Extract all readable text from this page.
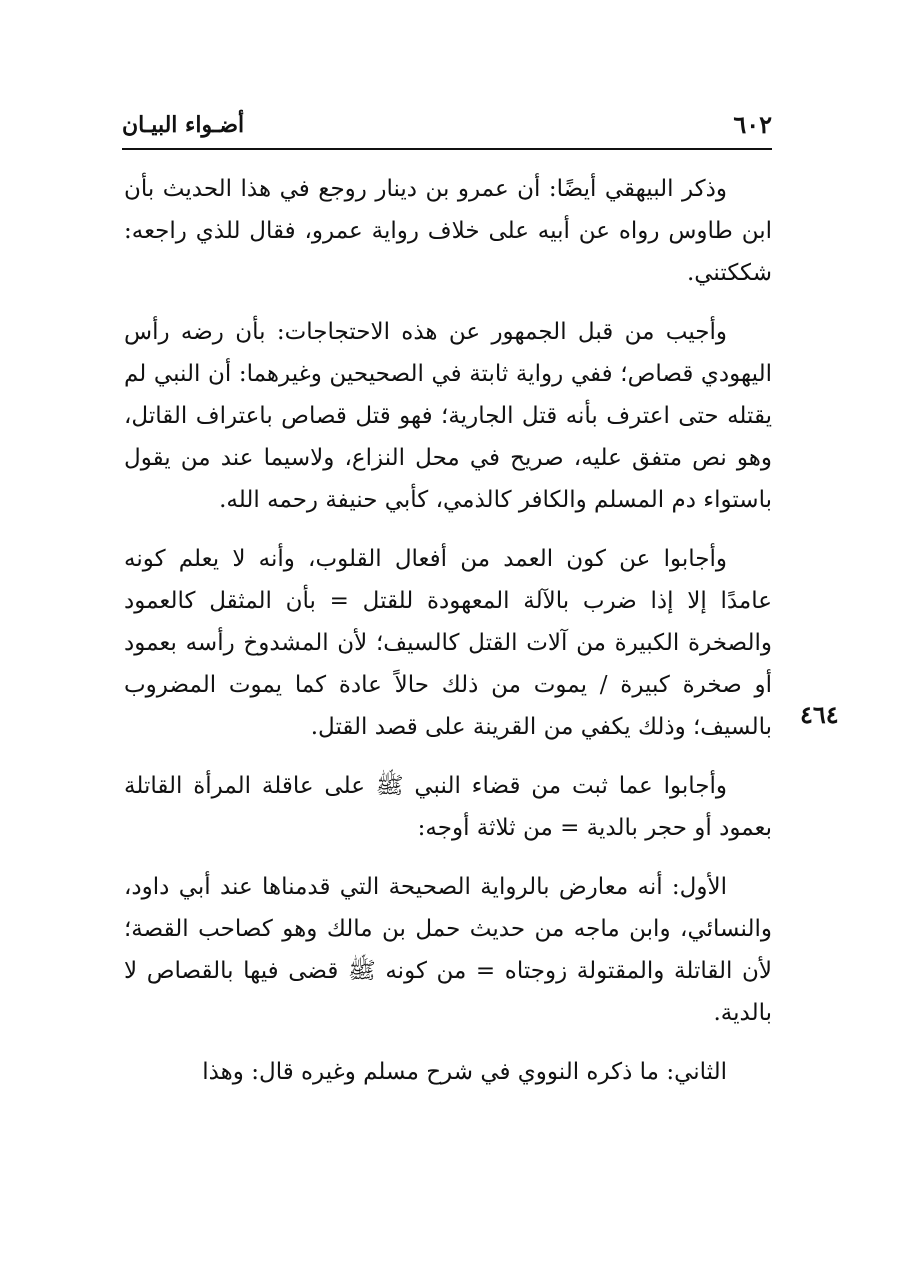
٦٠٢
أضـواء البيـان
٤٦٤

وذكر البيهقي أيضًا: أن عمرو بن دينار روجع في هذا الحديث بأن ابن طاوس رواه عن أبيه على خلاف رواية عمرو، فقال للذي راجعه: شككتني.

وأجيب من قبل الجمهور عن هذه الاحتجاجات: بأن رضه رأس اليهودي قصاص؛ ففي رواية ثابتة في الصحيحين وغيرهما: أن النبي لم يقتله حتى اعترف بأنه قتل الجارية؛ فهو قتل قصاص باعتراف القاتل، وهو نص متفق عليه، صريح في محل النزاع، ولاسيما عند من يقول باستواء دم المسلم والكافر كالذمي، كأبي حنيفة رحمه الله.

وأجابوا عن كون العمد من أفعال القلوب، وأنه لا يعلم كونه عامدًا إلا إذا ضرب بالآلة المعهودة للقتل = بأن المثقل كالعمود والصخرة الكبيرة من آلات القتل كالسيف؛ لأن المشدوخ رأسه بعمود أو صخرة كبيرة / يموت من ذلك حالاً عادة كما يموت المضروب بالسيف؛ وذلك يكفي من القرينة على قصد القتل.

وأجابوا عما ثبت من قضاء النبي ﷺ على عاقلة المرأة القاتلة بعمود أو حجر بالدية = من ثلاثة أوجه:

الأول: أنه معارض بالرواية الصحيحة التي قدمناها عند أبي داود، والنسائي، وابن ماجه من حديث حمل بن مالك وهو كصاحب القصة؛ لأن القاتلة والمقتولة زوجتاه = من كونه ﷺ قضى فيها بالقصاص لا بالدية.

الثاني: ما ذكره النووي في شرح مسلم وغيره قال: وهذا
